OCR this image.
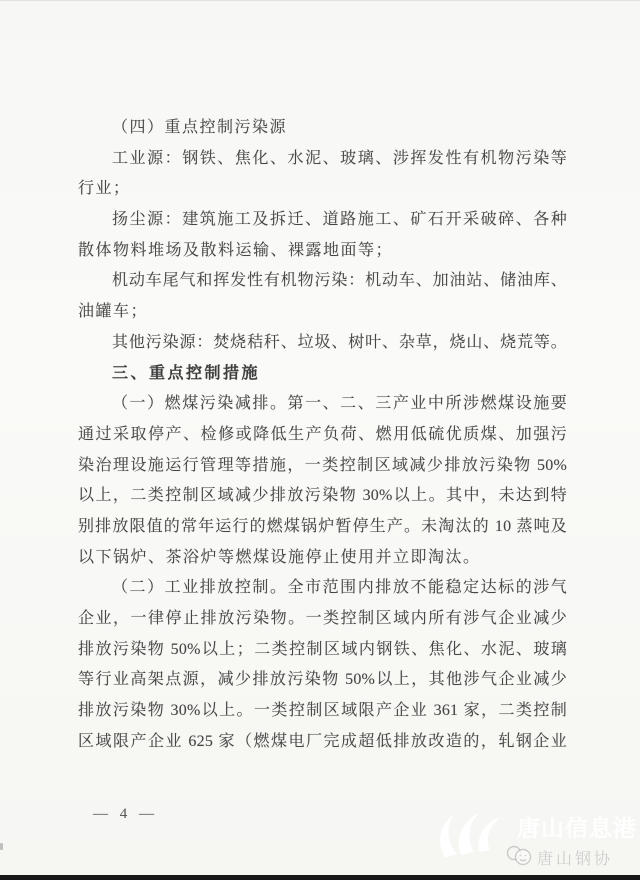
（四）重点控制污染源
工业源：钢铁、焦化、水泥、玻璃、涉挥发性有机物污染等
行业；
扬尘源：建筑施工及拆迁、道路施工、矿石开采破碎、各种
散体物料堆场及散料运输、裸露地面等；
机动车尾气和挥发性有机物污染：机动车、加油站、储油库、
油罐车；
其他污染源：焚烧秸秆、垃圾、树叶、杂草，烧山、烧荒等。
三、重点控制措施
（一）燃煤污染减排。第一、二、三产业中所涉燃煤设施要
通过采取停产、检修或降低生产负荷、燃用低硫优质煤、加强污
染治理设施运行管理等措施，一类控制区域减少排放污染物 50%
以上，二类控制区域减少排放污染物 30%以上。其中，未达到特
别排放限值的常年运行的燃煤锅炉暂停生产。未淘汰的 10 蒸吨及
以下锅炉、茶浴炉等燃煤设施停止使用并立即淘汰。
（二）工业排放控制。全市范围内排放不能稳定达标的涉气
企业，一律停止排放污染物。一类控制区域内所有涉气企业减少
排放污染物 50%以上；二类控制区域内钢铁、焦化、水泥、玻璃
等行业高架点源，减少排放污染物 50%以上，其他涉气企业减少
排放污染物 30%以上。一类控制区域限产企业 361 家，二类控制
区域限产企业 625 家（燃煤电厂完成超低排放改造的，轧钢企业
— 4 —
唐山信息港
唐山钢协
